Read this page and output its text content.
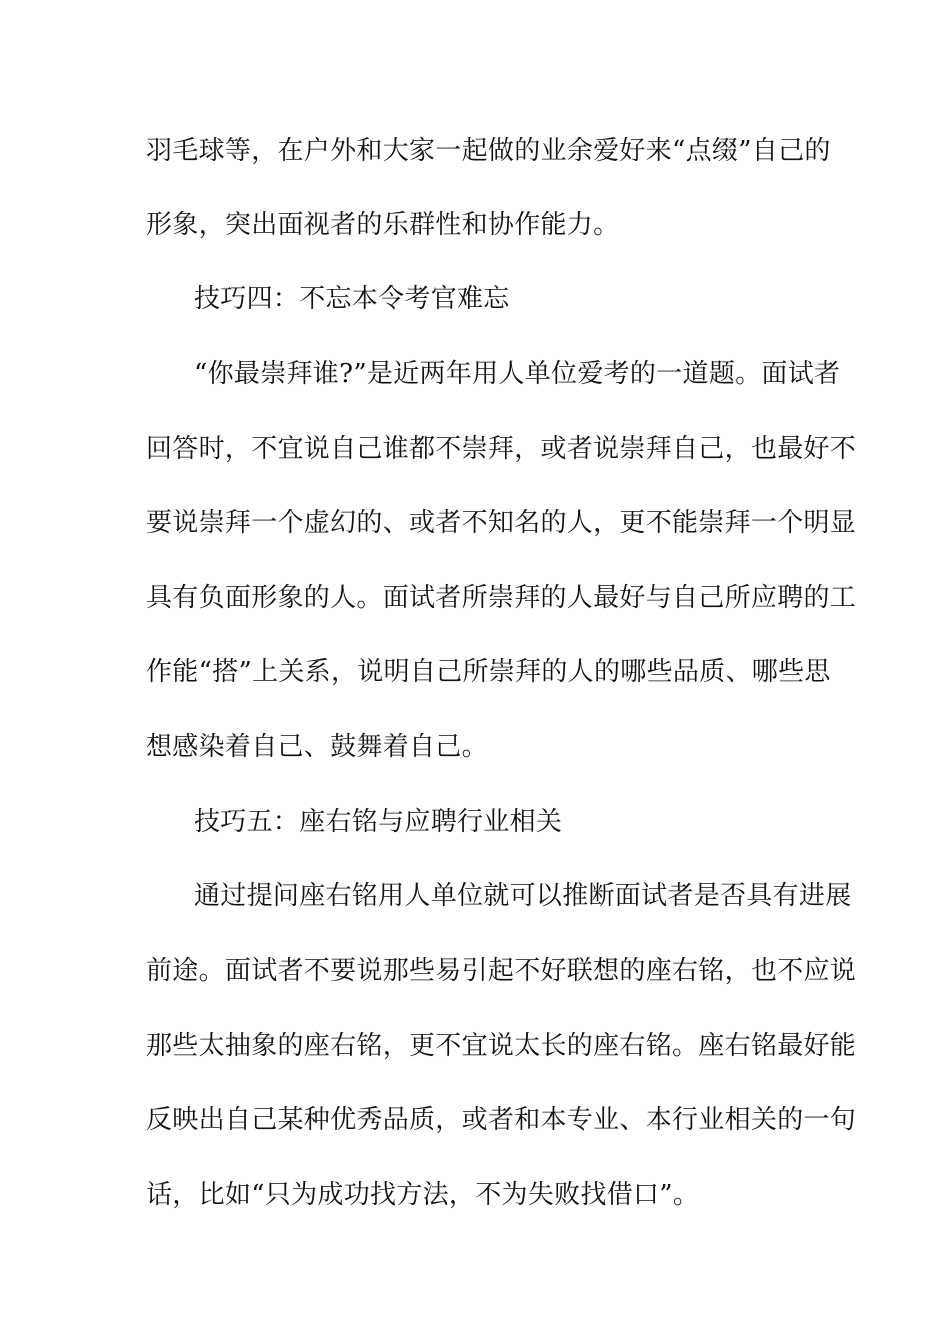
羽毛球等，在户外和大家一起做的业余爱好来“点缀”自己的
形象，突出面视者的乐群性和协作能力。
技巧四：不忘本令考官难忘
“你最崇拜谁?”是近两年用人单位爱考的一道题。面试者
回答时，不宜说自己谁都不崇拜，或者说崇拜自己，也最好不
要说崇拜一个虚幻的、或者不知名的人，更不能崇拜一个明显
具有负面形象的人。面试者所崇拜的人最好与自己所应聘的工
作能“搭”上关系，说明自己所崇拜的人的哪些品质、哪些思
想感染着自己、鼓舞着自己。
技巧五：座右铭与应聘行业相关
通过提问座右铭用人单位就可以推断面试者是否具有进展
前途。面试者不要说那些易引起不好联想的座右铭，也不应说
那些太抽象的座右铭，更不宜说太长的座右铭。座右铭最好能
反映出自己某种优秀品质，或者和本专业、本行业相关的一句
话，比如“只为成功找方法，不为失败找借口”。
